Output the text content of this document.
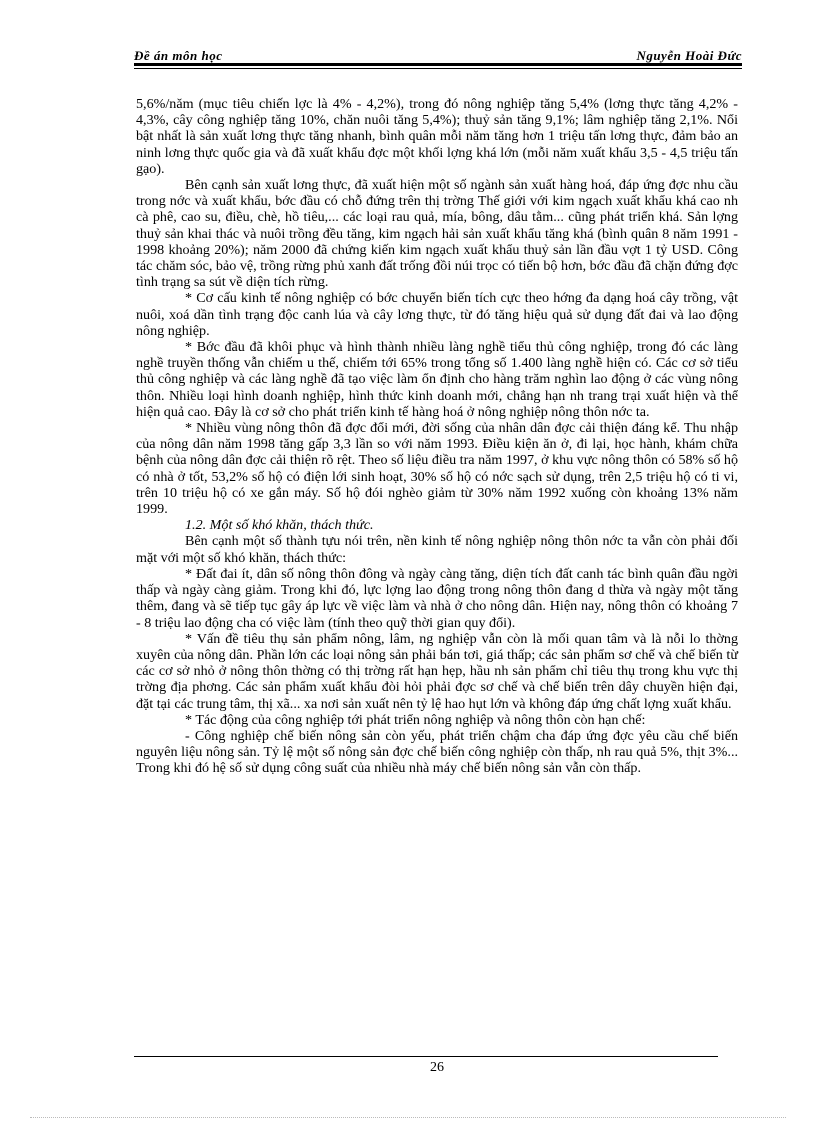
Đề án môn học	Nguyễn Hoài Đức

5,6%/năm (mục tiêu chiến lợc là 4% - 4,2%), trong đó nông nghiệp tăng 5,4% (lơng thực tăng 4,2% - 4,3%, cây công nghiệp tăng 10%, chăn nuôi tăng 5,4%); thuỷ sản tăng 9,1%; lâm nghiệp tăng 2,1%. Nổi bật nhất là sản xuất lơng thực tăng nhanh, bình quân mỗi năm tăng hơn 1 triệu tấn lơng thực, đảm bảo an ninh lơng thực quốc gia và đã xuất khẩu đợc một khối lợng khá lớn (mỗi năm xuất khẩu 3,5 - 4,5 triệu tấn gạo).

Bên cạnh sản xuất lơng thực, đã xuất hiện một số ngành sản xuất hàng hoá, đáp ứng đợc nhu cầu trong nớc và xuất khẩu, bớc đầu có chỗ đứng trên thị trờng Thế giới với kim ngạch xuất khẩu khá cao nh cà phê, cao su, điều, chè, hồ tiêu,... các loại rau quả, mía, bông, dâu tằm... cũng phát triển khá. Sản lợng thuỷ sản khai thác và nuôi trồng đều tăng, kim ngạch hải sản xuất khẩu tăng khá (bình quân 8 năm 1991 - 1998 khoảng 20%); năm 2000 đã chứng kiến kim ngạch xuất khẩu thuỷ sản lần đầu vợt 1 tỷ USD. Công tác chăm sóc, bảo vệ, trồng rừng phủ xanh đất trống đồi núi trọc có tiến bộ hơn, bớc đầu đã chặn đứng đợc tình trạng sa sút về diện tích rừng.

* Cơ cấu kinh tế nông nghiệp có bớc chuyển biến tích cực theo hớng đa dạng hoá cây trồng, vật nuôi, xoá dần tình trạng độc canh lúa và cây lơng thực, từ đó tăng hiệu quả sử dụng đất đai và lao động nông nghiệp.

* Bớc đầu đã khôi phục và hình thành nhiều làng nghề tiểu thủ công nghiệp, trong đó các làng nghề truyền thống vẫn chiếm u thế, chiếm tới 65% trong tổng số 1.400 làng nghề hiện có. Các cơ sở tiểu thủ công nghiệp và các làng nghề đã tạo việc làm ổn định cho hàng trăm nghìn lao động ở các vùng nông thôn. Nhiều loại hình doanh nghiệp, hình thức kinh doanh mới, chẳng hạn nh trang trại xuất hiện và thể hiện quả cao. Đây là cơ sở cho phát triển kinh tế hàng hoá ở nông nghiệp nông thôn nớc ta.

* Nhiều vùng nông thôn đã đợc đổi mới, đời sống của nhân dân đợc cải thiện đáng kể. Thu nhập của nông dân năm 1998 tăng gấp 3,3 lần so với năm 1993. Điều kiện ăn ở, đi lại, học hành, khám chữa bệnh của nông dân đợc cải thiện rõ rệt. Theo số liệu điều tra năm 1997, ở khu vực nông thôn có 58% số hộ có nhà ở tốt, 53,2% số hộ có điện lới sinh hoạt, 30% số hộ có nớc sạch sử dụng, trên 2,5 triệu hộ có ti vi, trên 10 triệu hộ có xe gắn máy. Số hộ đói nghèo giảm từ 30% năm 1992 xuống còn khoảng 13% năm 1999.

1.2. Một số khó khăn, thách thức.

Bên cạnh một số thành tựu nói trên, nền kinh tế nông nghiệp nông thôn nớc ta vẫn còn phải đối mặt với một số khó khăn, thách thức:

* Đất đai ít, dân số nông thôn đông và ngày càng tăng, diện tích đất canh tác bình quân đầu ngời thấp và ngày càng giảm. Trong khi đó, lực lợng lao động trong nông thôn đang d thừa và ngày một tăng thêm, đang và sẽ tiếp tục gây áp lực về việc làm và nhà ở cho nông dân. Hiện nay, nông thôn có khoảng 7 - 8 triệu lao động cha có việc làm (tính theo quỹ thời gian quy đổi).

* Vấn đề tiêu thụ sản phẩm nông, lâm, ng nghiệp vẫn còn là mối quan tâm và là nỗi lo thờng xuyên của nông dân. Phần lớn các loại nông sản phải bán tơi, giá thấp; các sản phẩm sơ chế và chế biến từ các cơ sở nhỏ ở nông thôn thờng có thị trờng rất hạn hẹp, hầu nh sản phẩm chỉ tiêu thụ trong khu vực thị trờng địa phơng. Các sản phẩm xuất khẩu đòi hỏi phải đợc sơ chế và chế biến trên dây chuyền hiện đại, đặt tại các trung tâm, thị xã... xa nơi sản xuất nên tỷ lệ hao hụt lớn và không đáp ứng chất lợng xuất khẩu.

* Tác động của công nghiệp tới phát triển nông nghiệp và nông thôn còn hạn chế:

- Công nghiệp chế biến nông sản còn yếu, phát triển chậm cha đáp ứng đợc yêu cầu chế biến nguyên liệu nông sản. Tỷ lệ một số nông sản đợc chế biến công nghiệp còn thấp, nh rau quả 5%, thịt 3%... Trong khi đó hệ số sử dụng công suất của nhiều nhà máy chế biến nông sản vẫn còn thấp.

26
